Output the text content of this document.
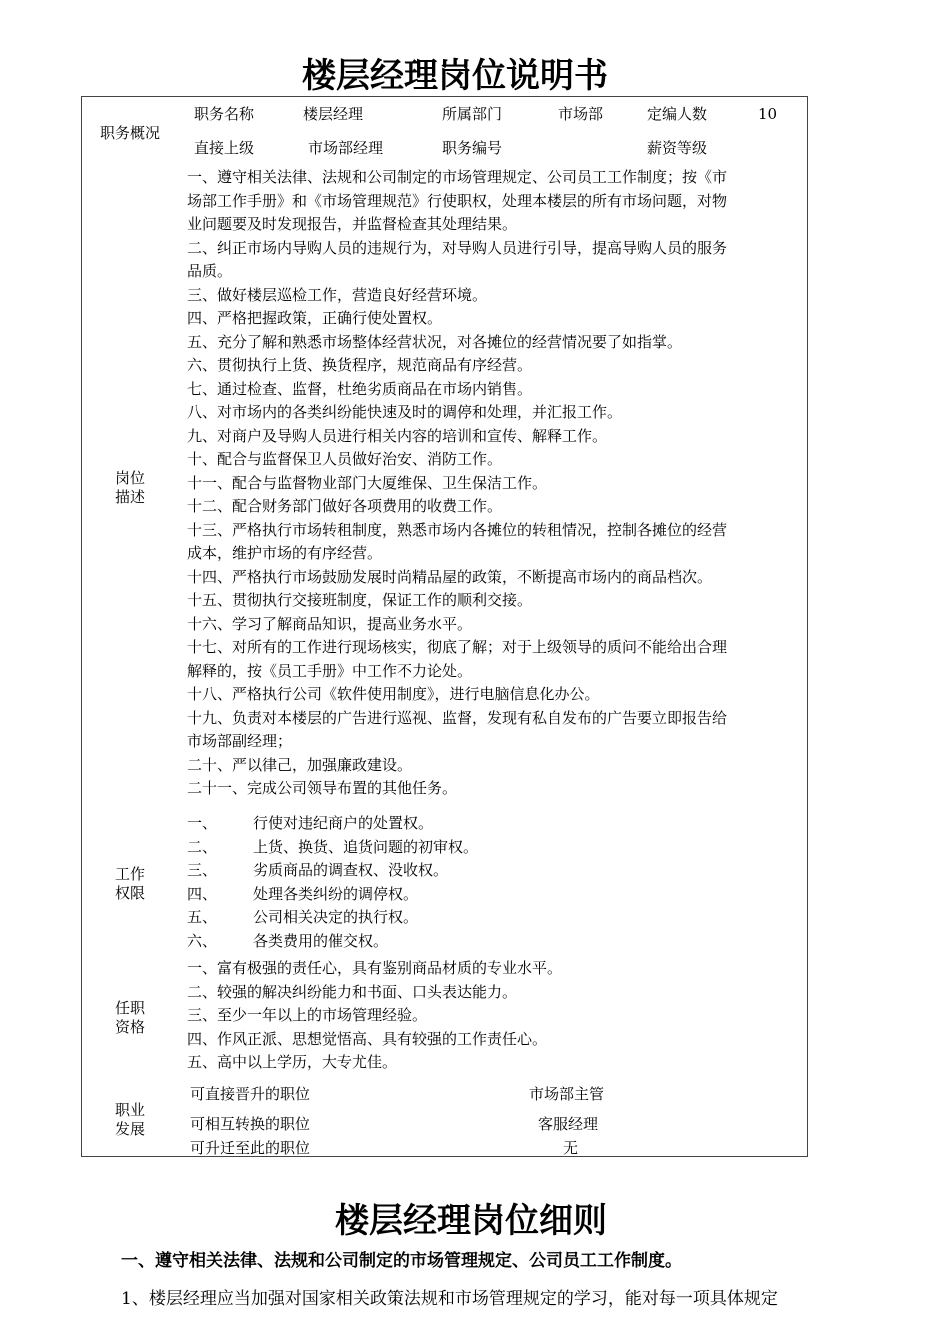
楼层经理岗位说明书
职务概况
职务名称	楼层经理	所属部门	市场部	定编人数	10
直接上级	市场部经理	职务编号	薪资等级
岗位
描述
一、遵守相关法律、法规和公司制定的市场管理规定、公司员工工作制度；按《市
场部工作手册》和《市场管理规范》行使职权，处理本楼层的所有市场问题，对物
业问题要及时发现报告，并监督检查其处理结果。
二、纠正市场内导购人员的违规行为，对导购人员进行引导，提高导购人员的服务
品质。
三、做好楼层巡检工作，营造良好经营环境。
四、严格把握政策，正确行使处置权。
五、充分了解和熟悉市场整体经营状况，对各摊位的经营情况要了如指掌。
六、贯彻执行上货、换货程序，规范商品有序经营。
七、通过检查、监督，杜绝劣质商品在市场内销售。
八、对市场内的各类纠纷能快速及时的调停和处理，并汇报工作。
九、对商户及导购人员进行相关内容的培训和宣传、解释工作。
十、配合与监督保卫人员做好治安、消防工作。
十一、配合与监督物业部门大厦维保、卫生保洁工作。
十二、配合财务部门做好各项费用的收费工作。
十三、严格执行市场转租制度，熟悉市场内各摊位的转租情况，控制各摊位的经营
成本，维护市场的有序经营。
十四、严格执行市场鼓励发展时尚精品屋的政策，不断提高市场内的商品档次。
十五、贯彻执行交接班制度，保证工作的顺利交接。
十六、学习了解商品知识，提高业务水平。
十七、对所有的工作进行现场核实，彻底了解；对于上级领导的质问不能给出合理
解释的，按《员工手册》中工作不力论处。
十八、严格执行公司《软件使用制度》，进行电脑信息化办公。
十九、负责对本楼层的广告进行巡视、监督，发现有私自发布的广告要立即报告给
市场部副经理；
二十、严以律己，加强廉政建设。
二十一、完成公司领导布置的其他任务。
工作
权限
一、 行使对违纪商户的处置权。
二、 上货、换货、追货问题的初审权。
三、 劣质商品的调查权、没收权。
四、 处理各类纠纷的调停权。
五、 公司相关决定的执行权。
六、 各类费用的催交权。
任职
资格
一、富有极强的责任心，具有鉴别商品材质的专业水平。
二、较强的解决纠纷能力和书面、口头表达能力。
三、至少一年以上的市场管理经验。
四、作风正派、思想觉悟高、具有较强的工作责任心。
五、高中以上学历，大专尤佳。
职业
发展
可直接晋升的职位	市场部主管
可相互转换的职位	客服经理
可升迁至此的职位	无
楼层经理岗位细则
一、遵守相关法律、法规和公司制定的市场管理规定、公司员工工作制度。
1、楼层经理应当加强对国家相关政策法规和市场管理规定的学习，能对每一项具体规定
